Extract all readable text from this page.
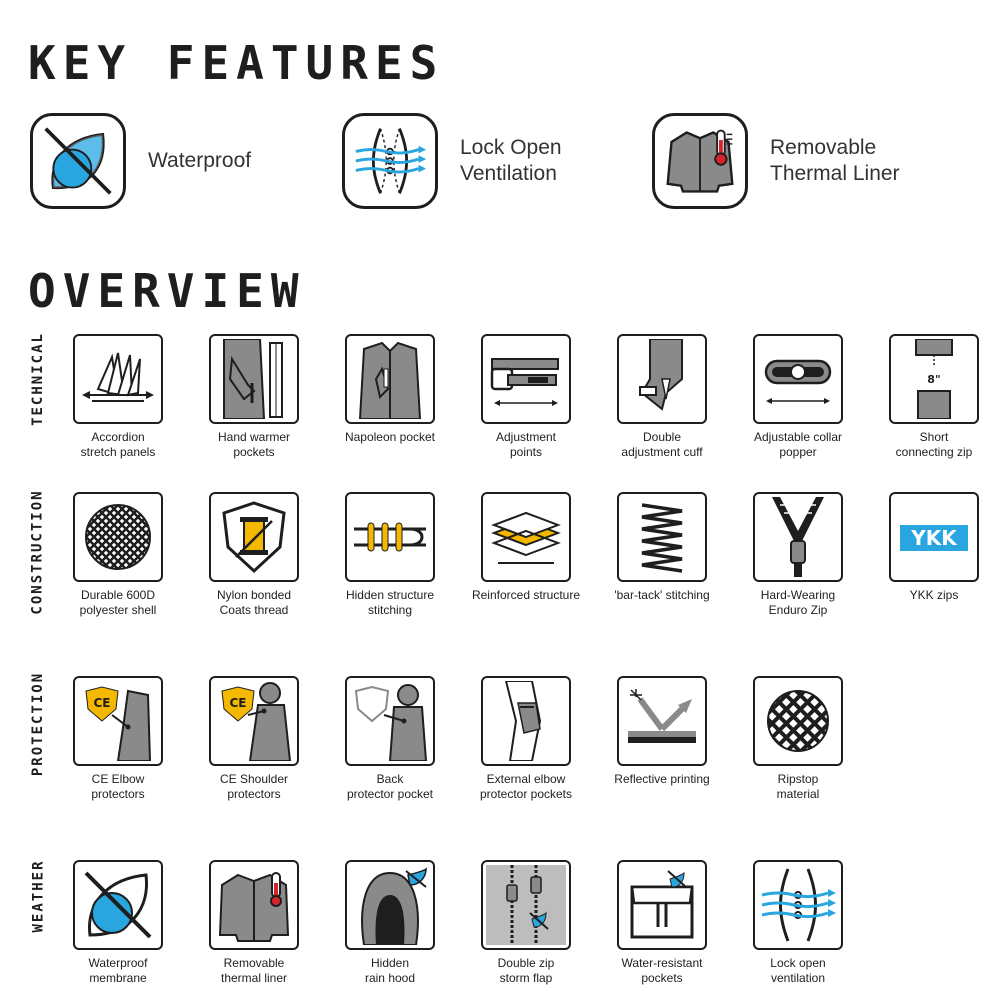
KEY FEATURES
Waterproof
Lock Open
Ventilation
Removable
Thermal Liner
OVERVIEW
TECHNICAL
CONSTRUCTION
PROTECTION
WEATHER
Accordion
stretch panels
Hand warmer
pockets
Napoleon pocket	Adjustment
points
Double
adjustment cuff
Adjustable collar
popper
8"
Short
connecting zip
Durable 600D
polyester shell
Nylon bonded
Coats thread
Hidden structure
stitching
Reinforced structure	'bar-tack' stitching	Hard-Wearing
Enduro Zip
YKK
YKK zips
CE
CE Elbow
protectors
CE
CE Shoulder
protectors
Back
protector pocket
External elbow
protector pockets
Reflective printing	Ripstop
material
Waterproof
membrane
Removable
thermal liner
Hidden
rain hood
Double zip
storm flap
Water-resistant
pockets
Lock open
ventilation
